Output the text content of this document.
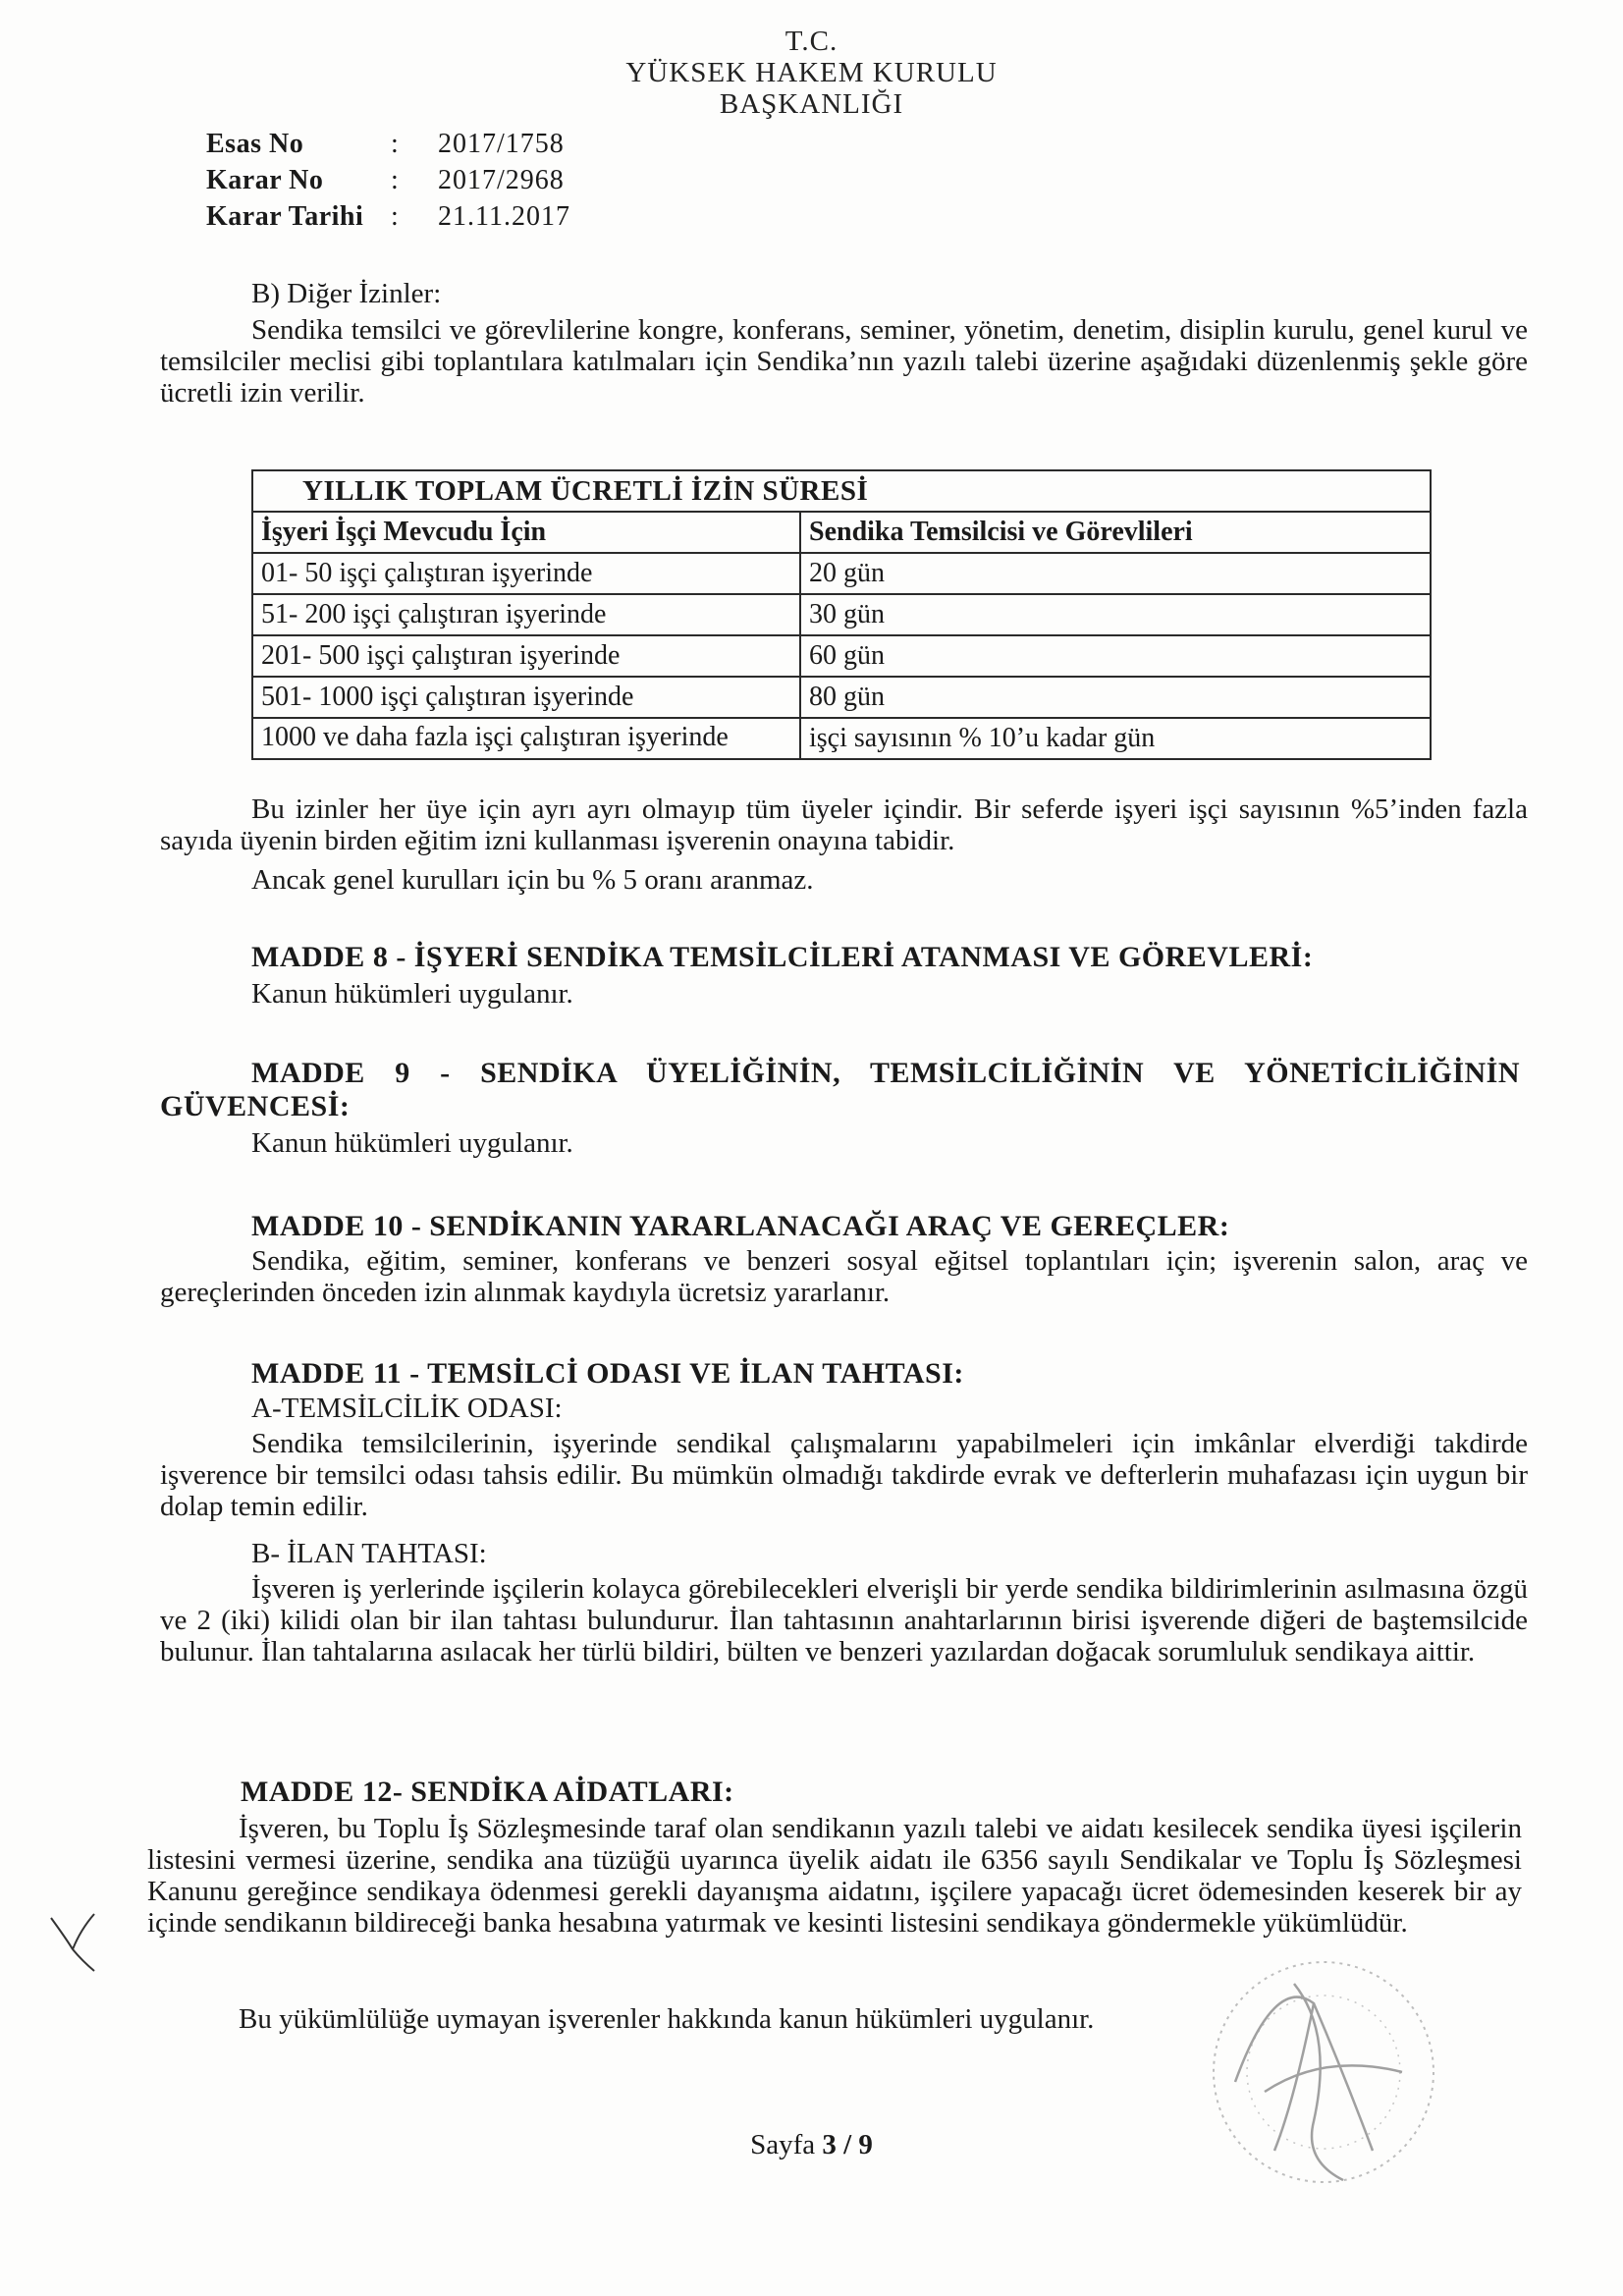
T.C.
YÜKSEK HAKEM KURULU
BAŞKANLIĞI
Esas No	:	2017/1758
Karar No	:	2017/2968
Karar Tarihi :	21.11.2017
B) Diğer İzinler:
Sendika temsilci ve görevlilerine kongre, konferans, seminer, yönetim, denetim, disiplin kurulu, genel kurul ve temsilciler meclisi gibi toplantılara katılmaları için Sendika’nın yazılı talebi üzerine aşağıdaki düzenlenmiş şekle göre ücretli izin verilir.
YILLIK TOPLAM ÜCRETLİ İZİN SÜRESİ	
İşyeri İşçi Mevcudu İçin	Sendika Temsilcisi ve Görevlileri
01- 50 işçi çalıştıran işyerinde	20 gün
51- 200 işçi çalıştıran işyerinde	30 gün
201- 500 işçi çalıştıran işyerinde	60 gün
501- 1000 işçi çalıştıran işyerinde	80 gün
1000 ve daha fazla işçi çalıştıran işyerinde	işçi sayısının % 10’u kadar gün
Bu izinler her üye için ayrı ayrı olmayıp tüm üyeler içindir. Bir seferde işyeri işçi sayısının %5’inden fazla sayıda üyenin birden eğitim izni kullanması işverenin onayına tabidir.
Ancak genel kurulları için bu % 5 oranı aranmaz.
MADDE 8 - İŞYERİ SENDİKA TEMSİLCİLERİ ATANMASI VE GÖREVLERİ:
Kanun hükümleri uygulanır.
MADDE 9 - SENDİKA ÜYELİĞİNİN, TEMSİLCİLİĞİNİN VE YÖNETİCİLİĞİNİN GÜVENCESİ:
Kanun hükümleri uygulanır.
MADDE 10 - SENDİKANIN YARARLANACAĞI ARAÇ VE GEREÇLER:
Sendika, eğitim, seminer, konferans ve benzeri sosyal eğitsel toplantıları için; işverenin salon, araç ve gereçlerinden önceden izin alınmak kaydıyla ücretsiz yararlanır.
MADDE 11 - TEMSİLCİ ODASI VE İLAN TAHTASI:
A-TEMSİLCİLİK ODASI:
Sendika temsilcilerinin, işyerinde sendikal çalışmalarını yapabilmeleri için imkânlar elverdiği takdirde işverence bir temsilci odası tahsis edilir. Bu mümkün olmadığı takdirde evrak ve defterlerin muhafazası için uygun bir dolap temin edilir.
B- İLAN TAHTASI:
İşveren iş yerlerinde işçilerin kolayca görebilecekleri elverişli bir yerde sendika bildirimlerinin asılmasına özgü ve 2 (iki) kilidi olan bir ilan tahtası bulundurur. İlan tahtasının anahtarlarının birisi işverende diğeri de baştemsilcide bulunur. İlan tahtalarına asılacak her türlü bildiri, bülten ve benzeri yazılardan doğacak sorumluluk sendikaya aittir.
MADDE 12- SENDİKA AİDATLARI:
İşveren, bu Toplu İş Sözleşmesinde taraf olan sendikanın yazılı talebi ve aidatı kesilecek sendika üyesi işçilerin listesini vermesi üzerine, sendika ana tüzüğü uyarınca üyelik aidatı ile 6356 sayılı Sendikalar ve Toplu İş Sözleşmesi Kanunu gereğince sendikaya ödenmesi gerekli dayanışma aidatını, işçilere yapacağı ücret ödemesinden keserek bir ay içinde sendikanın bildireceği banka hesabına yatırmak ve kesinti listesini sendikaya göndermekle yükümlüdür.
Bu yükümlülüğe uymayan işverenler hakkında kanun hükümleri uygulanır.
Sayfa 3 / 9
